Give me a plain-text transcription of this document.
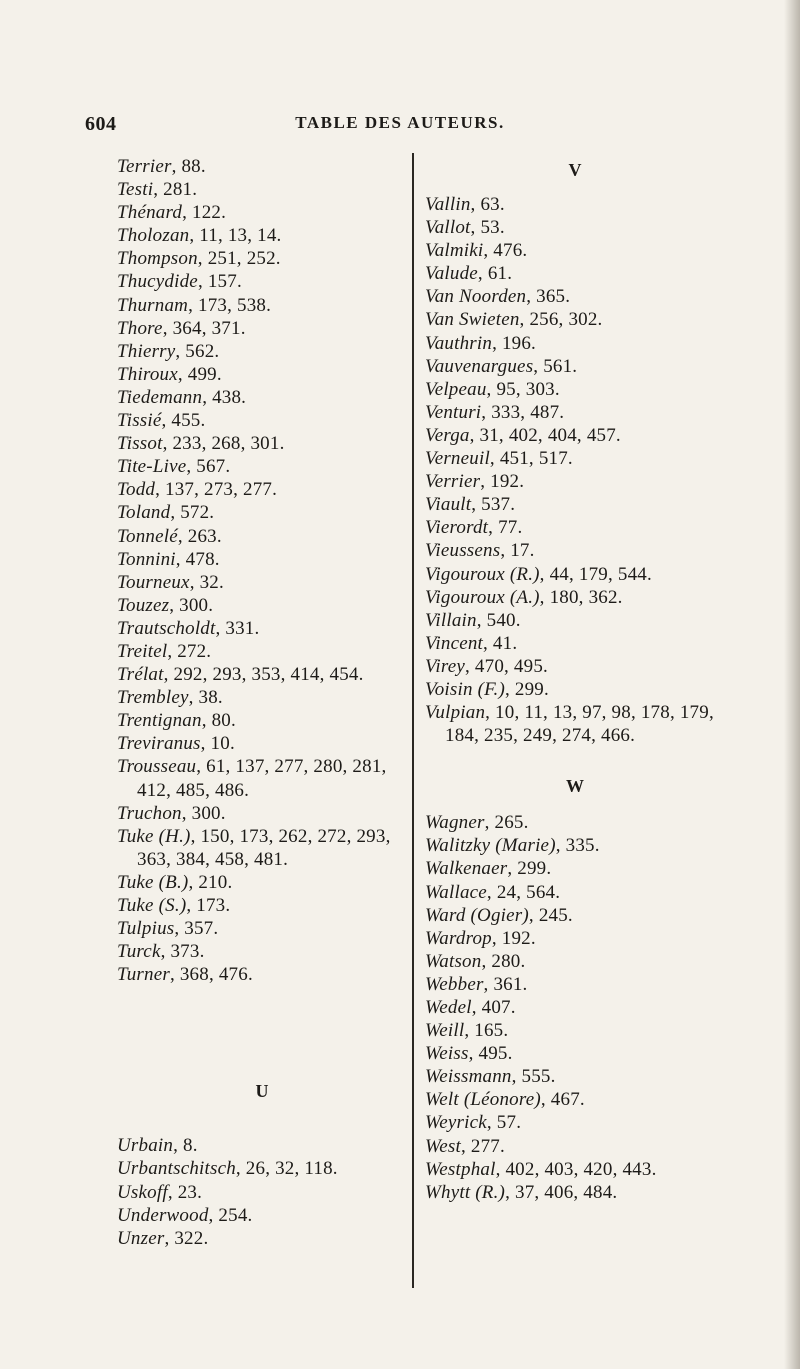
604	TABLE DES AUTEURS.
Terrier, 88.
Testi, 281.
Thénard, 122.
Tholozan, 11, 13, 14.
Thompson, 251, 252.
Thucydide, 157.
Thurnam, 173, 538.
Thore, 364, 371.
Thierry, 562.
Thiroux, 499.
Tiedemann, 438.
Tissié, 455.
Tissot, 233, 268, 301.
Tite-Live, 567.
Todd, 137, 273, 277.
Toland, 572.
Tonnelé, 263.
Tonnini, 478.
Tourneux, 32.
Touzez, 300.
Trautscholdt, 331.
Treitel, 272.
Trélat, 292, 293, 353, 414, 454.
Trembley, 38.
Trentignan, 80.
Treviranus, 10.
Trousseau, 61, 137, 277, 280, 281, 412, 485, 486.
Truchon, 300.
Tuke (H.), 150, 173, 262, 272, 293, 363, 384, 458, 481.
Tuke (B.), 210.
Tuke (S.), 173.
Tulpius, 357.
Turck, 373.
Turner, 368, 476.
U
Urbain, 8.
Urbantschitsch, 26, 32, 118.
Uskoff, 23.
Underwood, 254.
Unzer, 322.
V
Vallin, 63.
Vallot, 53.
Valmiki, 476.
Valude, 61.
Van Noorden, 365.
Van Swieten, 256, 302.
Vauthrin, 196.
Vauvenargues, 561.
Velpeau, 95, 303.
Venturi, 333, 487.
Verga, 31, 402, 404, 457.
Verneuil, 451, 517.
Verrier, 192.
Viault, 537.
Vierordt, 77.
Vieussens, 17.
Vigouroux (R.), 44, 179, 544.
Vigouroux (A.), 180, 362.
Villain, 540.
Vincent, 41.
Virey, 470, 495.
Voisin (F.), 299.
Vulpian, 10, 11, 13, 97, 98, 178, 179, 184, 235, 249, 274, 466.
W
Wagner, 265.
Walitzky (Marie), 335.
Walkenaer, 299.
Wallace, 24, 564.
Ward (Ogier), 245.
Wardrop, 192.
Watson, 280.
Webber, 361.
Wedel, 407.
Weill, 165.
Weiss, 495.
Weissmann, 555.
Welt (Léonore), 467.
Weyrick, 57.
West, 277.
Westphal, 402, 403, 420, 443.
Whytt (R.), 37, 406, 484.
